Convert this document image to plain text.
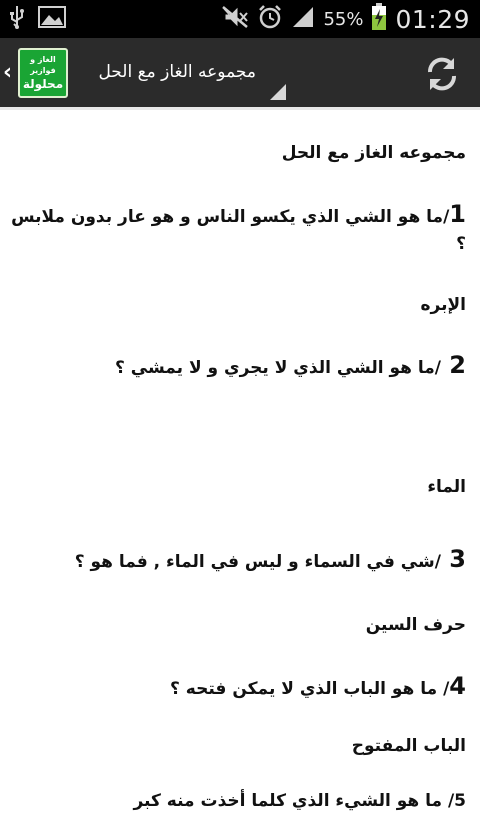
55% 01:29
‹
الغاز و فوازير
محلولة
مجموعه الغاز مع الحل
مجموعه الغاز مع الحل
1/ما هو الشي الذي يكسو الناس و هو عار بدون ملابس
؟
الإبره
2 /ما هو الشي الذي لا يجري و لا يمشي ؟
الماء
3 /شي في السماء و ليس في الماء , فما هو ؟
حرف السين
4/ ما هو الباب الذي لا يمكن فتحه ؟
الباب المفتوح
5/ ما هو الشيء الذي كلما أخذت منه كبر
